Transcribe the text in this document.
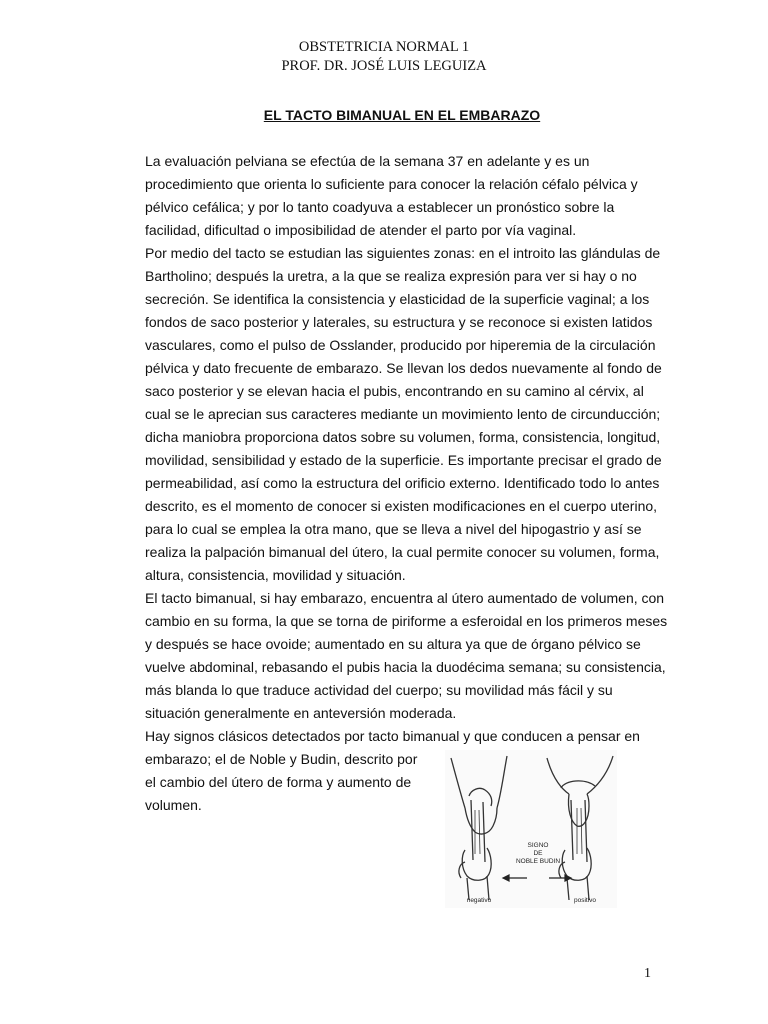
OBSTETRICIA NORMAL 1
PROF. DR. JOSÉ LUIS LEGUIZA
EL TACTO BIMANUAL EN EL EMBARAZO
La evaluación pelviana se efectúa de la semana 37 en adelante y es un
procedimiento que orienta lo suficiente para conocer la relación céfalo pélvica y
pélvico cefálica; y por lo tanto coadyuva a establecer un pronóstico sobre la
facilidad, dificultad o imposibilidad de atender el parto por vía vaginal.
Por medio del tacto se estudian las siguientes zonas: en el introito las glándulas de
Bartholino; después la uretra, a la que se realiza expresión para ver si hay o no
secreción. Se identifica la consistencia y elasticidad de la superficie vaginal; a los
fondos de saco posterior y laterales, su estructura y se reconoce si existen latidos
vasculares, como el pulso de Osslander, producido por hiperemia de la circulación
pélvica y dato frecuente de embarazo. Se llevan los dedos nuevamente al fondo de
saco posterior y se elevan hacia el pubis, encontrando en su camino al cérvix, al
cual se le aprecian sus caracteres mediante un movimiento lento de circunducción;
dicha maniobra proporciona datos sobre su volumen, forma, consistencia, longitud,
movilidad, sensibilidad y estado de la superficie. Es importante precisar el grado de
permeabilidad, así como la estructura del orificio externo. Identificado todo lo antes
descrito, es el momento de conocer si existen modificaciones en el cuerpo uterino,
para lo cual se emplea la otra mano, que se lleva a nivel del hipogastrio y así se
realiza la palpación bimanual del útero, la cual permite conocer su volumen, forma,
altura, consistencia, movilidad y situación.
El tacto bimanual, si hay embarazo, encuentra al útero aumentado de volumen, con
cambio en su forma, la que se torna de piriforme a esferoidal en los primeros meses
y después se hace ovoide; aumentado en su altura ya que de órgano pélvico se
vuelve abdominal, rebasando el pubis hacia la duodécima semana; su consistencia,
más blanda lo que traduce actividad del cuerpo; su movilidad más fácil y su
situación generalmente en anteversión moderada.
Hay signos clásicos detectados por tacto bimanual y que conducen a pensar en
embarazo; el de Noble y Budin, descrito por
el cambio del útero de forma y aumento de
volumen.
SIGNO
DE
NOBLE BUDIN
negativo	positivo
1
